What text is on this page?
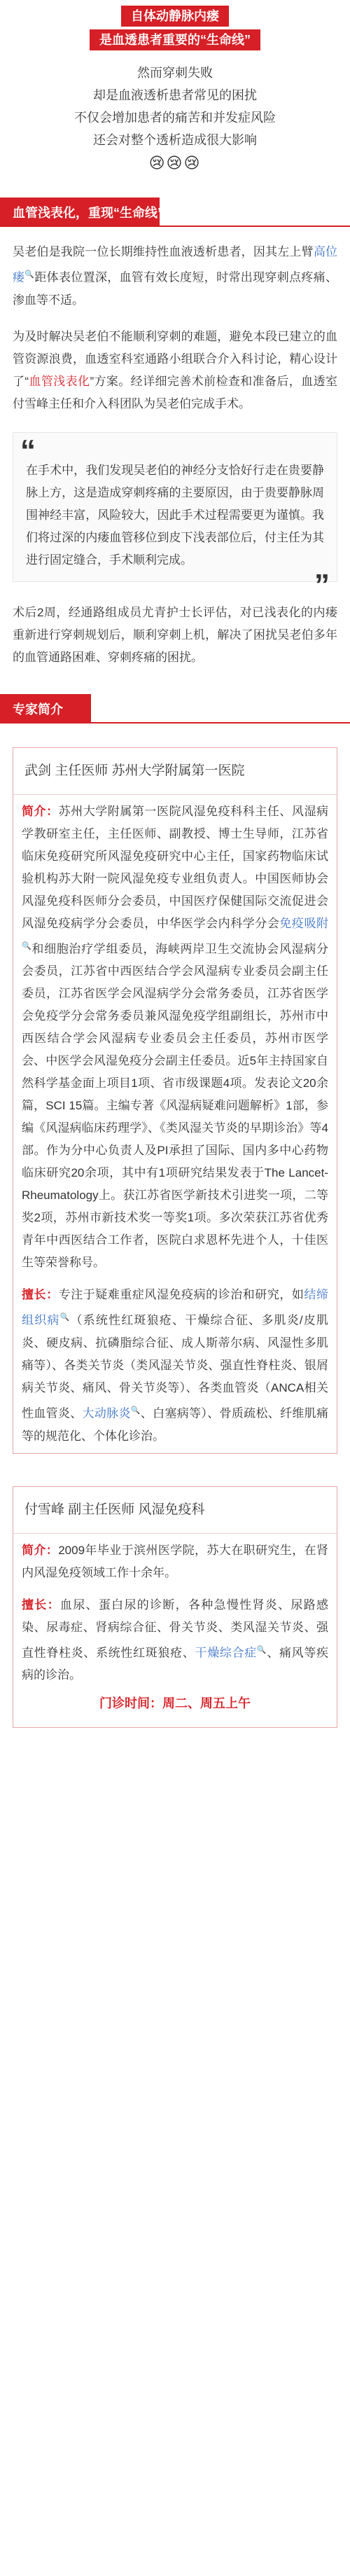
自体动静脉内瘘
是血透患者重要的“生命线”
然而穿刺失败
却是血液透析患者常见的困扰
不仅会增加患者的痛苦和并发症风险
还会对整个透析造成很大影响
😢😢😢
血管浅表化，重现“生命线”

吴老伯是我院一位长期维持性血液透析患者，因其左上臂高位瘘🔍距体表位置深，血管有效长度短，时常出现穿刺点疼痛、渗血等不适。

为及时解决吴老伯不能顺利穿刺的难题，避免本段已建立的血管资源浪费，血透室科室通路小组联合介入科讨论，精心设计了“血管浅表化”方案。经详细完善术前检查和准备后，血透室付雪峰主任和介入科团队为吴老伯完成手术。

“
在手术中，我们发现吴老伯的神经分支恰好行走在贵要静脉上方，这是造成穿刺疼痛的主要原因，由于贵要静脉周围神经丰富，风险较大，因此手术过程需要更为谨慎。我们将过深的内瘘血管移位到皮下浅表部位后，付主任为其进行固定缝合，手术顺利完成。
”

术后2周，经通路组成员尤青护士长评估，对已浅表化的内瘘重新进行穿刺规划后，顺利穿刺上机，解决了困扰吴老伯多年的血管通路困难、穿刺疼痛的困扰。

专家简介
武剑 主任医师 苏州大学附属第一医院
简介：苏州大学附属第一医院风湿免疫科科主任、风湿病学教研室主任，主任医师、副教授、博士生导师，江苏省临床免疫研究所风湿免疫研究中心主任，国家药物临床试验机构苏大附一院风湿免疫专业组负责人。中国医师协会风湿免疫科医师分会委员，中国医疗保健国际交流促进会风湿免疫病学分会委员，中华医学会内科学分会免疫吸附🔍和细胞治疗学组委员，海峡两岸卫生交流协会风湿病分会委员，江苏省中西医结合学会风湿病专业委员会副主任委员，江苏省医学会风湿病学分会常务委员，江苏省医学会免疫学分会常务委员兼风湿免疫学组副组长，苏州市中西医结合学会风湿病专业委员会主任委员，苏州市医学会、中医学会风湿免疫分会副主任委员。近5年主持国家自然科学基金面上项目1项、省市级课题4项。发表论文20余篇，SCI 15篇。主编专著《风湿病疑难问题解析》1部，参编《风湿病临床药理学》、《类风湿关节炎的早期诊治》等4部。作为分中心负责人及PI承担了国际、国内多中心药物临床研究20余项，其中有1项研究结果发表于The Lancet-Rheumatology上。获江苏省医学新技术引进奖一项，二等奖2项，苏州市新技术奖一等奖1项。多次荣获江苏省优秀青年中西医结合工作者，医院白求恩杯先进个人，十佳医生等荣誉称号。
擅长：专注于疑难重症风湿免疫病的诊治和研究，如结缔组织病🔍（系统性红斑狼疮、干燥综合征、多肌炎/皮肌炎、硬皮病、抗磷脂综合征、成人斯蒂尔病、风湿性多肌痛等）、各类关节炎（类风湿关节炎、强直性脊柱炎、银屑病关节炎、痛风、骨关节炎等）、各类血管炎（ANCA相关性血管炎、大动脉炎🔍、白塞病等）、骨质疏松、纤维肌痛等的规范化、个体化诊治。
付雪峰 副主任医师 风湿免疫科
简介：2009年毕业于滨州医学院，苏大在职研究生，在肾内风湿免疫领域工作十余年。
擅长：血尿、蛋白尿的诊断，各种急慢性肾炎、尿路感染、尿毒症、肾病综合征、骨关节炎、类风湿关节炎、强直性脊柱炎、系统性红斑狼疮、干燥综合症🔍、痛风等疾病的诊治。
门诊时间：周二、周五上午
